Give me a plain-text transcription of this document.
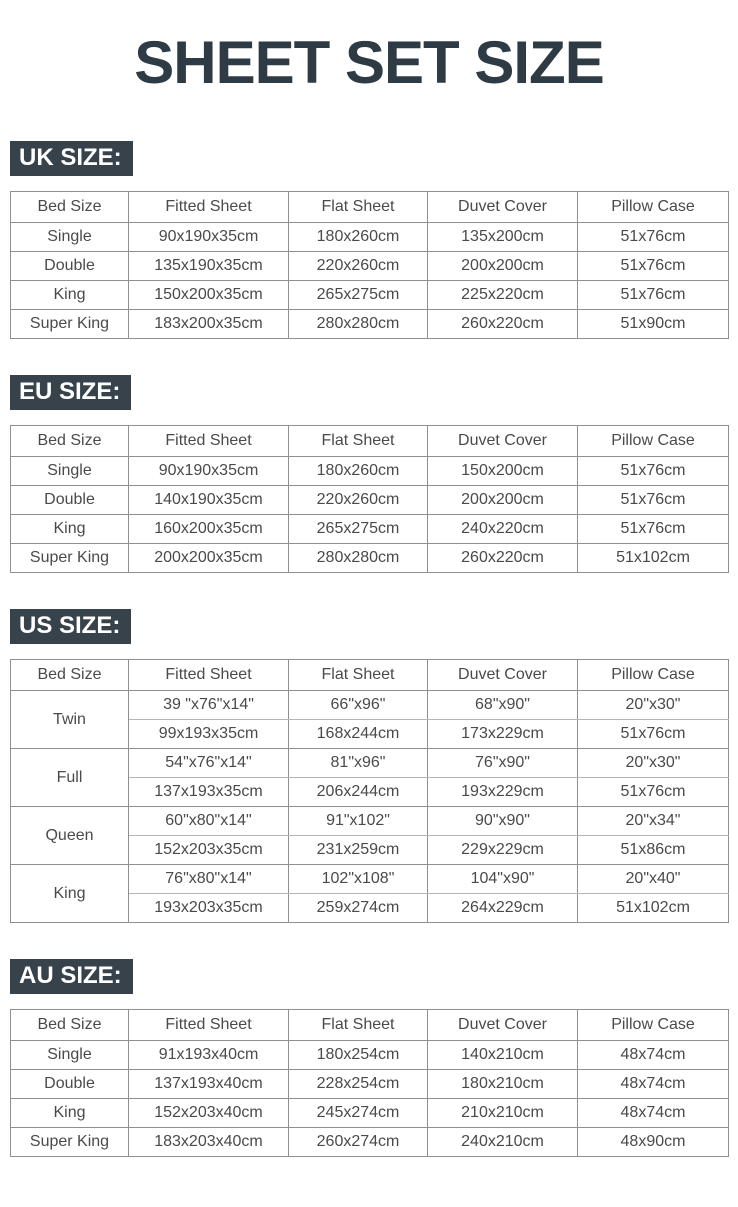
SHEET SET SIZE
UK SIZE:
Bed Size	Fitted Sheet	Flat Sheet	Duvet Cover	Pillow Case
Single	90x190x35cm	180x260cm	135x200cm	51x76cm
Double	135x190x35cm	220x260cm	200x200cm	51x76cm
King	150x200x35cm	265x275cm	225x220cm	51x76cm
Super King	183x200x35cm	280x280cm	260x220cm	51x90cm
EU SIZE:
Bed Size	Fitted Sheet	Flat Sheet	Duvet Cover	Pillow Case
Single	90x190x35cm	180x260cm	150x200cm	51x76cm
Double	140x190x35cm	220x260cm	200x200cm	51x76cm
King	160x200x35cm	265x275cm	240x220cm	51x76cm
Super King	200x200x35cm	280x280cm	260x220cm	51x102cm
US SIZE:
Bed Size	Fitted Sheet	Flat Sheet	Duvet Cover	Pillow Case
Twin	39 "x76"x14"	66"x96"	68"x90"	20"x30"
	99x193x35cm	168x244cm	173x229cm	51x76cm
Full	54"x76"x14"	81"x96"	76"x90"	20"x30"
	137x193x35cm	206x244cm	193x229cm	51x76cm
Queen	60"x80"x14"	91"x102"	90"x90"	20"x34"
	152x203x35cm	231x259cm	229x229cm	51x86cm
King	76"x80"x14"	102"x108"	104"x90"	20"x40"
	193x203x35cm	259x274cm	264x229cm	51x102cm
AU SIZE:
Bed Size	Fitted Sheet	Flat Sheet	Duvet Cover	Pillow Case
Single	91x193x40cm	180x254cm	140x210cm	48x74cm
Double	137x193x40cm	228x254cm	180x210cm	48x74cm
King	152x203x40cm	245x274cm	210x210cm	48x74cm
Super King	183x203x40cm	260x274cm	240x210cm	48x90cm
